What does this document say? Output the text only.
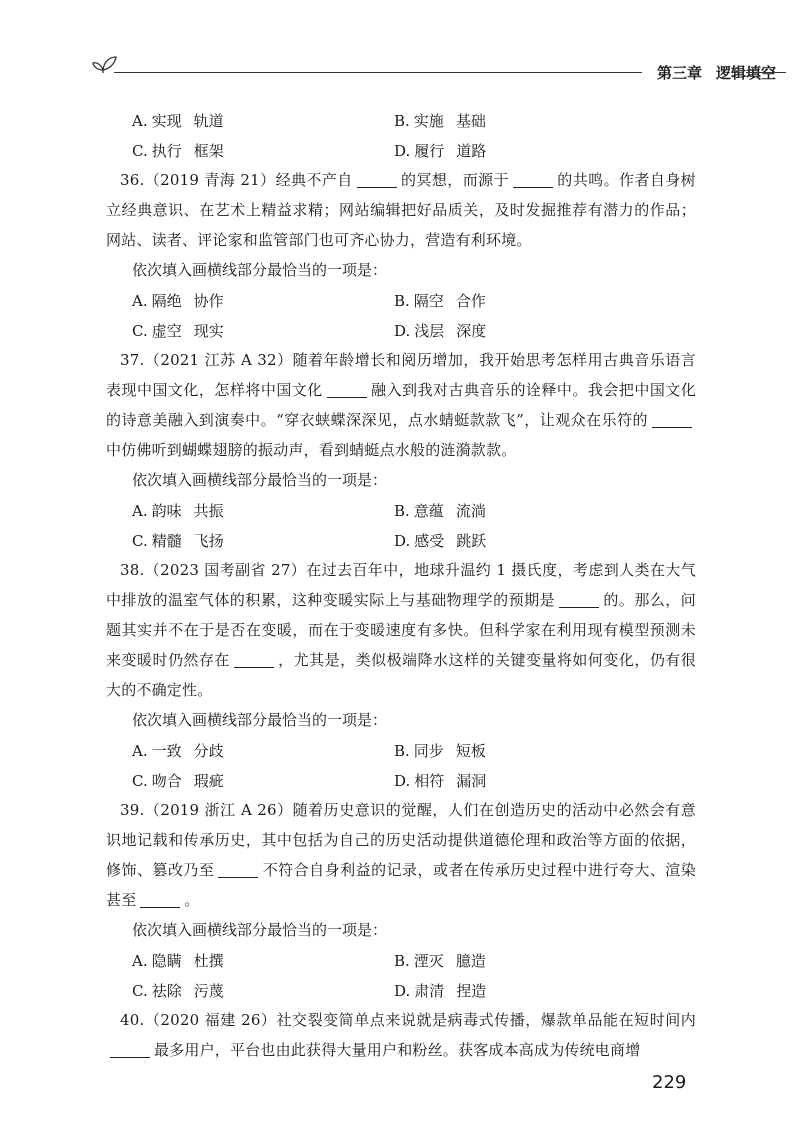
第三章 逻辑填空
A. 实现 轨道	B. 实施 基础
C. 执行 框架	D. 履行 道路

36.（2019 青海 21）经典不产自	的冥想，而源于	的共鸣。作者自身树立经典意识、在艺术上精益求精；网站编辑把好品质关，及时发掘推荐有潜力的作品；网站、读者、评论家和监管部门也可齐心协力，营造有利环境。

依次填入画横线部分最恰当的一项是：

A. 隔绝 协作	B. 隔空 合作
C. 虚空 现实	D. 浅层 深度

37.（2021 江苏 A 32）随着年龄增长和阅历增加，我开始思考怎样用古典音乐语言表现中国文化，怎样将中国文化	融入到我对古典音乐的诠释中。我会把中国文化的诗意美融入到演奏中。“穿衣蛱蝶深深见，点水蜻蜓款款飞”，让观众在乐符的中仿佛听到蝴蝶翅膀的振动声，看到蜻蜓点水般的涟漪款款。

依次填入画横线部分最恰当的一项是：

A. 韵味 共振	B. 意蕴 流淌
C. 精髓 飞扬	D. 感受 跳跃

38.（2023 国考副省 27）在过去百年中，地球升温约 1 摄氏度，考虑到人类在大气中排放的温室气体的积累，这种变暖实际上与基础物理学的预期是	的。那么，问题其实并不在于是否在变暖，而在于变暖速度有多快。但科学家在利用现有模型预测未来变暖时仍然存在	，尤其是，类似极端降水这样的关键变量将如何变化，仍有很大的不确定性。

依次填入画横线部分最恰当的一项是：

A. 一致 分歧	B. 同步 短板
C. 吻合 瑕疵	D. 相符 漏洞

39.（2019 浙江 A 26）随着历史意识的觉醒，人们在创造历史的活动中必然会有意识地记载和传承历史，其中包括为自己的历史活动提供道德伦理和政治等方面的依据，修饰、篡改乃至	不符合自身利益的记录，或者在传承历史过程中进行夸大、渲染甚至	。

依次填入画横线部分最恰当的一项是：

A. 隐瞒 杜撰	B. 湮灭 臆造
C. 祛除 污蔑	D. 肃清 捏造

40.（2020 福建 26）社交裂变简单点来说就是病毒式传播，爆款单品能在短时间内最多用户，平台也由此获得大量用户和粉丝。获客成本高成为传统电商增

229
